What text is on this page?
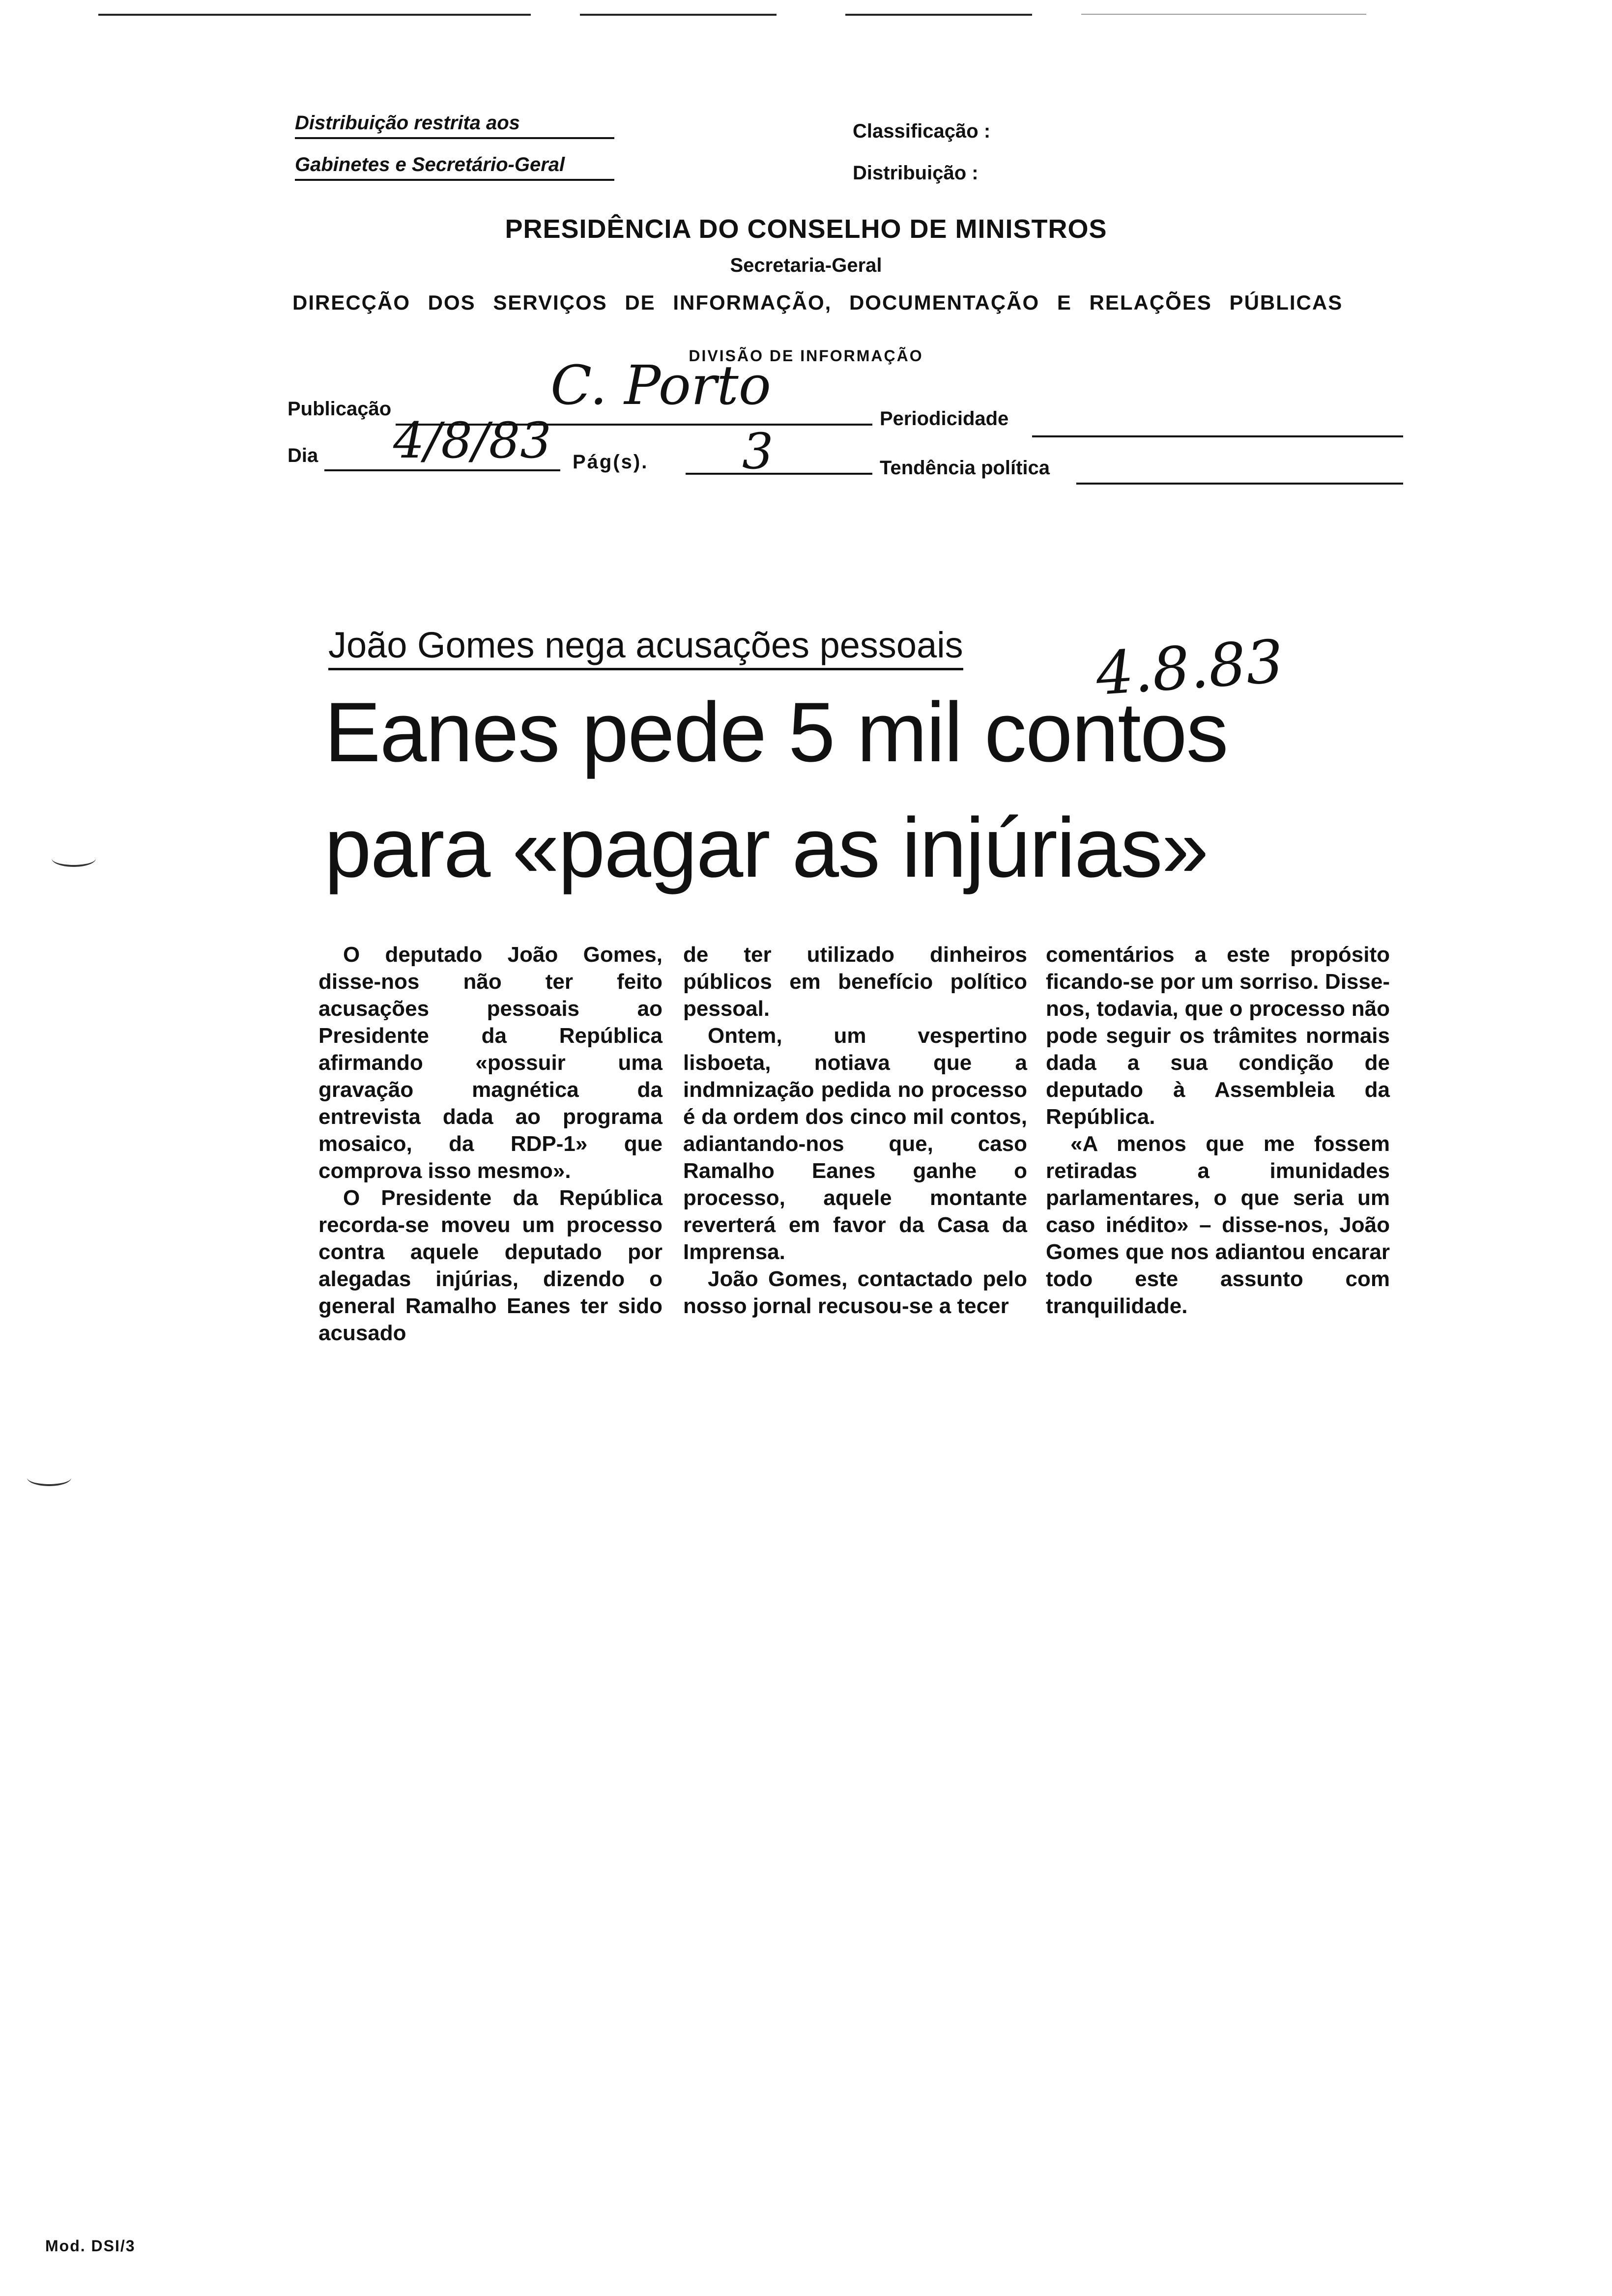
Distribuição restrita aos
Gabinetes e Secretário-Geral
Classificação :
Distribuição :
PRESIDÊNCIA DO CONSELHO DE MINISTROS
Secretaria-Geral
DIRECÇÃO DOS SERVIÇOS DE INFORMAÇÃO, DOCUMENTAÇÃO E RELAÇÕES PÚBLICAS
DIVISÃO DE INFORMAÇÃO
Publicação	C. Porto
Periodicidade
Dia 4/8/83 Pág(s). 3	Tendência política
João Gomes nega acusações pessoais 4.8.83
Eanes pede 5 mil contos
para «pagar as injúrias»

O deputado João Gomes, disse-nos não ter feito acusações pessoais ao Presidente da República afirmando «possuir uma gravação magnética da entrevista dada ao programa mosaico, da RDP-1» que comprova isso mesmo».

O Presidente da República recorda-se moveu um processo contra aquele deputado por alegadas injúrias, dizendo o general Ramalho Eanes ter sido acusado

de ter utilizado dinheiros públicos em benefício político pessoal.

Ontem, um vespertino lisboeta, notiava que a indmnização pedida no processo é da ordem dos cinco mil contos, adiantando-nos que, caso Ramalho Eanes ganhe o processo, aquele montante reverterá em favor da Casa da Imprensa.

João Gomes, contactado pelo nosso jornal recusou-se a tecer

comentários a este propósito ficando-se por um sorriso. Disse-nos, todavia, que o processo não pode seguir os trâmites normais dada a sua condição de deputado à Assembleia da República.

«A menos que me fossem retiradas a imunidades parlamentares, o que seria um caso inédito» – disse-nos, João Gomes que nos adiantou encarar todo este assunto com tranquilidade.

Mod. DSI/3
